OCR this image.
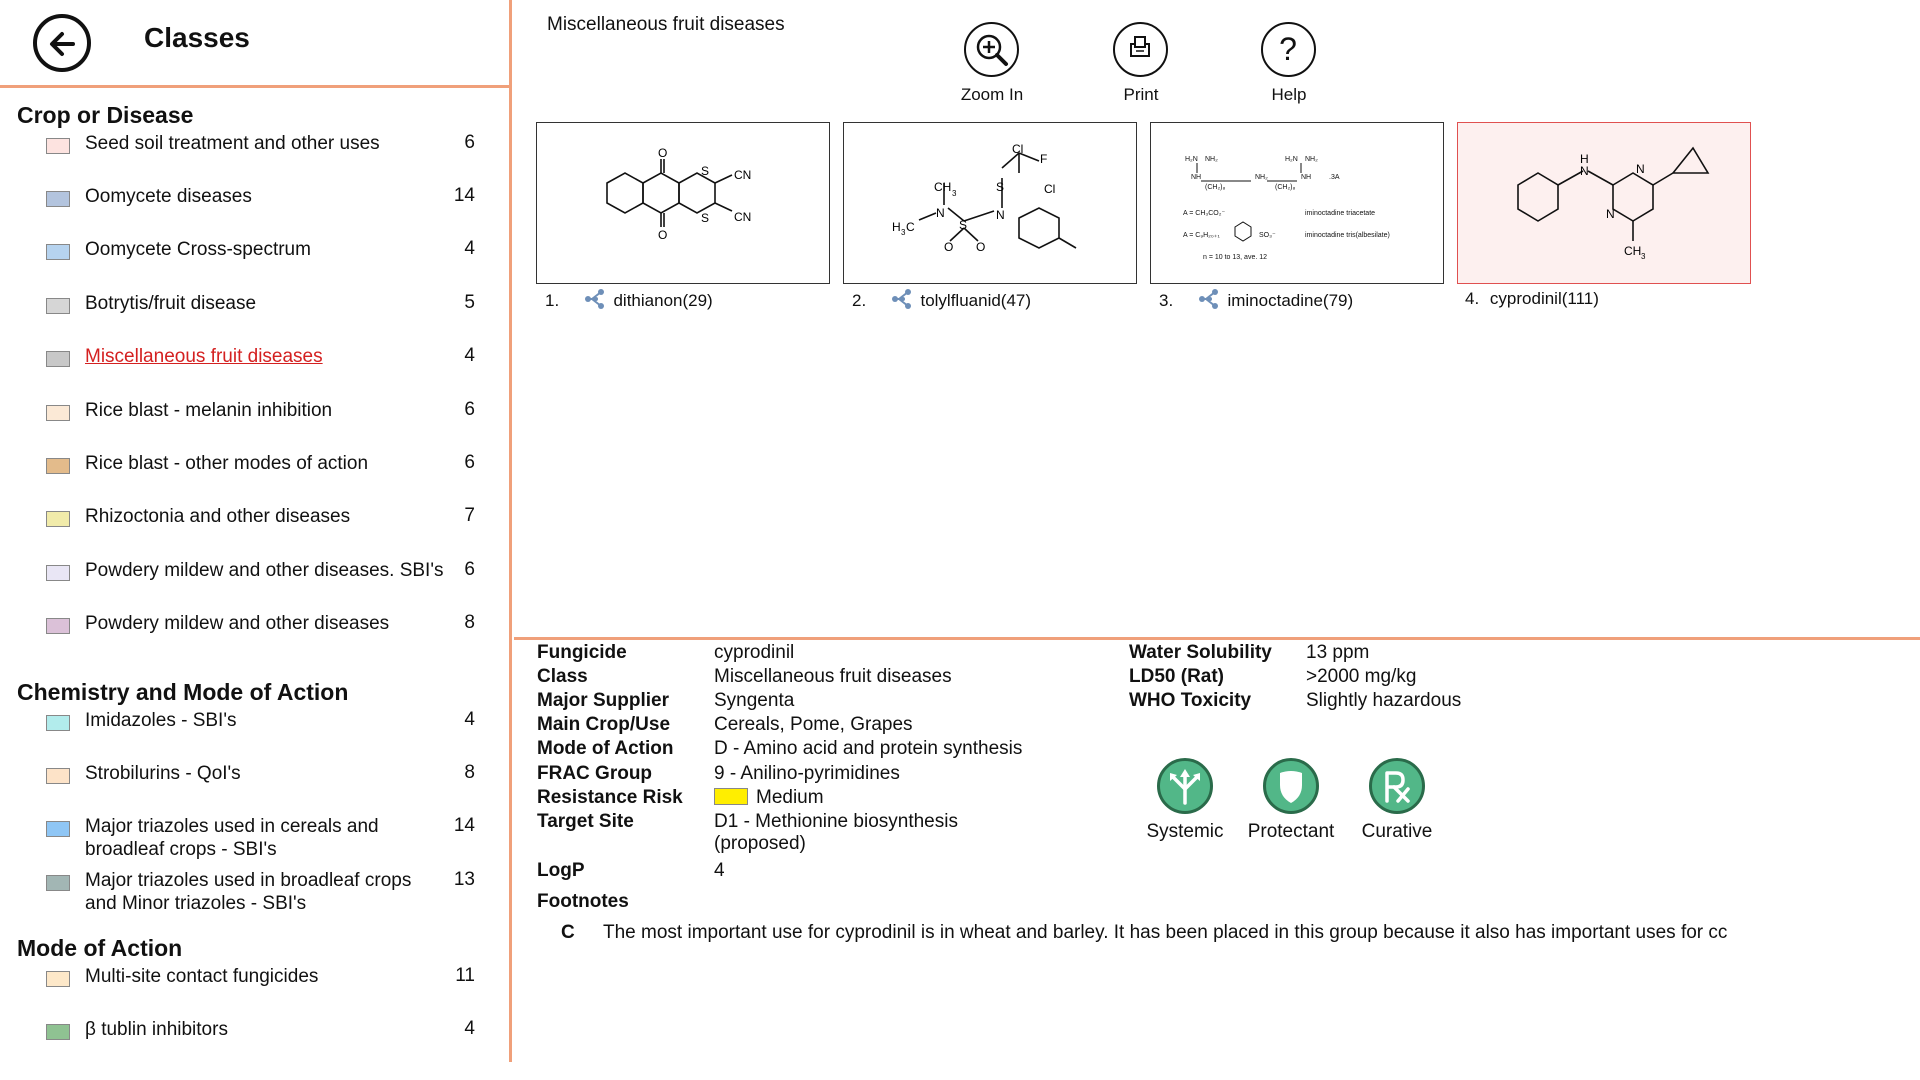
Classes
Crop or Disease
Seed soil treatment and other uses	6
Oomycete diseases	14
Oomycete Cross-spectrum	4
Botrytis/fruit disease	5
Miscellaneous fruit diseases	4
Rice blast - melanin inhibition	6
Rice blast - other modes of action	6
Rhizoctonia and other diseases	7
Powdery mildew and other diseases. SBI's 6
Powdery mildew and other diseases	8
Chemistry and Mode of Action
Imidazoles - SBI's	4
Strobilurins - QoI's	8
Major triazoles used in cereals and broadleaf crops - SBI's
14
Major triazoles used in broadleaf crops and Minor triazoles - SBI's
13
Mode of Action
Multi-site contact fungicides	11
β tublin inhibitors	4
Miscellaneous fruit diseases
Zoom In	Print
?
Help
O
O
S
S
CN
CN
Cl
F
Cl
S
N
S
O O
N
CH 3
H 3 C
H₂N NH₂
NH
(CH₂)₈
NH₂
(CH₂)₈
H₂N NH₂
NH	.3A
A = CH₃CO₂⁻
A = C₉H₂₀₊₁	SO₃⁻
iminoctadine triacetate
iminoctadine tris(albesilate)
n = 10 to 13, ave. 12
H
N	N
N
CH 3
1.	dithianon(29)	2.	tolylfluanid(47)	3.	iminoctadine(79)	4. cyprodinil(111)
Fungicide	cyprodinil
Class	Miscellaneous fruit diseases
Major Supplier Syngenta
Main Crop/Use Cereals, Pome, Grapes
Mode of Action D - Amino acid and protein synthesis
FRAC Group	9 - Anilino-pyrimidines
Resistance Risk	Medium
Target Site	D1 - Methionine biosynthesis (proposed)
LogP	4
Water Solubility 13 ppm
LD50 (Rat)	>2000 mg/kg
WHO Toxicity	Slightly hazardous
Systemic	Protectant	Curative
Footnotes
C The most important use for cyprodinil is in wheat and barley. It has been placed in this group because it also has important uses for cc
